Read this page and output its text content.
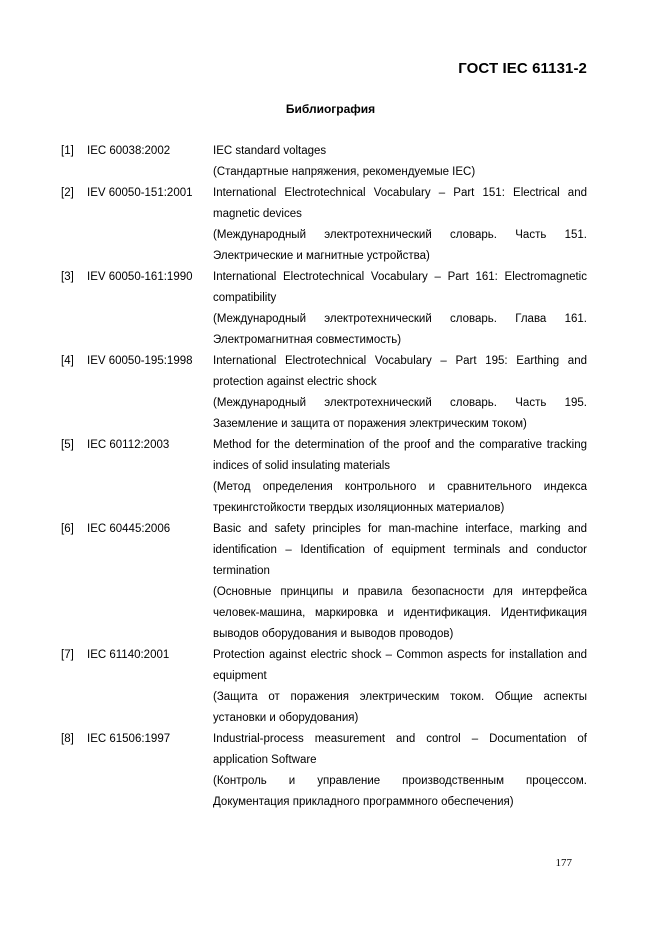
ГОСТ IEC 61131-2
Библиография
[1]	IEC 60038:2002	IEC standard voltages

(Стандартные напряжения, рекомендуемые IEC)

[2]	IEV 60050-151:2001	International Electrotechnical Vocabulary – Part 151: Electrical and magnetic devices

(Международный электротехнический словарь. Часть 151. Электрические и магнитные устройства)

[3]	IEV 60050-161:1990	International Electrotechnical Vocabulary – Part 161: Electromagnetic compatibility

(Международный электротехнический словарь. Глава 161. Электромагнитная совместимость)

[4]	IEV 60050-195:1998	International Electrotechnical Vocabulary – Part 195: Earthing and protection against electric shock

(Международный электротехнический словарь. Часть 195. Заземление и защита от поражения электрическим током)

[5]	IEC 60112:2003	Method for the determination of the proof and the comparative tracking indices of solid insulating materials

(Метод определения контрольного и сравнительного индекса трекингстойкости твердых изоляционных материалов)

[6]	IEC 60445:2006	Basic and safety principles for man-machine interface, marking and identification – Identification of equipment terminals and conductor termination

(Основные принципы и правила безопасности для интерфейса человек-машина, маркировка и идентификация. Идентификация выводов оборудования и выводов проводов)

[7]	IEC 61140:2001	Protection against electric shock – Common aspects for installation and equipment

(Защита от поражения электрическим током. Общие аспекты установки и оборудования)

[8]	IEC 61506:1997	Industrial-process measurement and control – Documentation of application Software

(Контроль и управление производственным процессом. Документация прикладного программного обеспечения)

177
